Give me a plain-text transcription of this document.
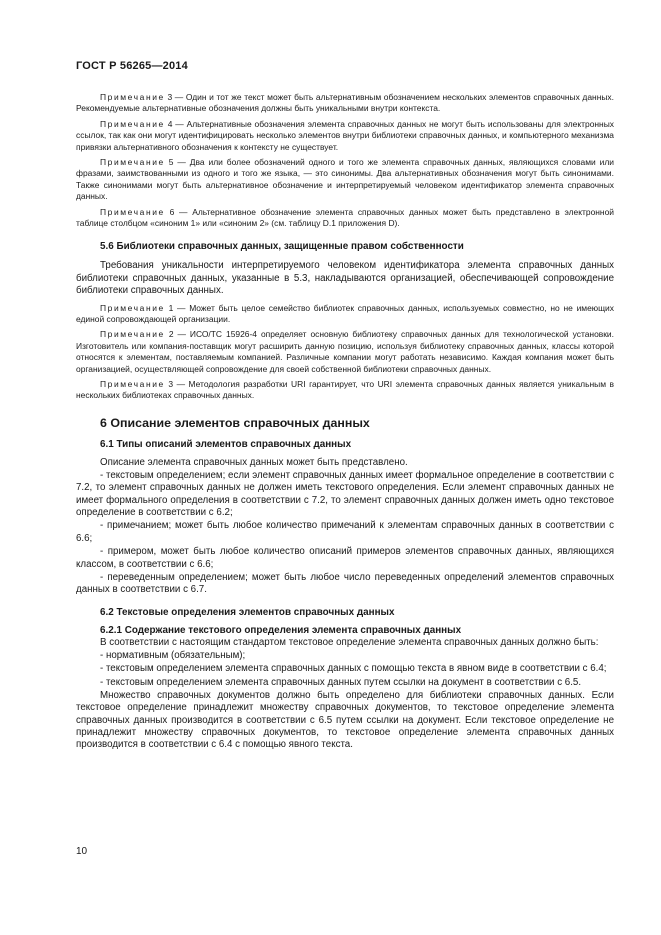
ГОСТ Р 56265—2014

Примечание 3 — Один и тот же текст может быть альтернативным обозначением нескольких элементов справочных данных. Рекомендуемые альтернативные обозначения должны быть уникальными внутри контекста.

Примечание 4 — Альтернативные обозначения элемента справочных данных не могут быть использованы для электронных ссылок, так как они могут идентифицировать несколько элементов внутри библиотеки справочных данных, и компьютерного механизма привязки альтернативного обозначения к контексту не существует.

Примечание 5 — Два или более обозначений одного и того же элемента справочных данных, являющихся словами или фразами, заимствованными из одного и того же языка, — это синонимы. Два альтернативных обозначения могут быть синонимами. Также синонимами могут быть альтернативное обозначение и интерпретируемый человеком идентификатор элемента справочных данных.

Примечание 6 — Альтернативное обозначение элемента справочных данных может быть представлено в электронной таблице столбцом «синоним 1» или «синоним 2» (см. таблицу D.1 приложения D).

5.6 Библиотеки справочных данных, защищенные правом собственности

Требования уникальности интерпретируемого человеком идентификатора элемента справочных данных библиотеки справочных данных, указанные в 5.3, накладываются организацией, обеспечивающей сопровождение библиотеки справочных данных.

Примечание 1 — Может быть целое семейство библиотек справочных данных, используемых совместно, но не имеющих единой сопровождающей организации.

Примечание 2 — ИСО/ТС 15926-4 определяет основную библиотеку справочных данных для технологической установки. Изготовитель или компания-поставщик могут расширить данную позицию, используя библиотеку справочных данных, классы которой относятся к элементам, поставляемым компанией. Различные компании могут работать независимо. Каждая компания может быть организацией, осуществляющей сопровождение для своей собственной библиотеки справочных данных.

Примечание 3 — Методология разработки URI гарантирует, что URI элемента справочных данных является уникальным в нескольких библиотеках справочных данных.

6 Описание элементов справочных данных
6.1 Типы описаний элементов справочных данных

Описание элемента справочных данных может быть представлено.

- текстовым определением; если элемент справочных данных имеет формальное определение в соответствии с 7.2, то элемент справочных данных не должен иметь текстового определения. Если элемент справочных данных не имеет формального определения в соответствии с 7.2, то элемент справочных данных должен иметь одно текстовое определение в соответствии с 6.2;

- примечанием; может быть любое количество примечаний к элементам справочных данных в соответствии с 6.6;

- примером, может быть любое количество описаний примеров элементов справочных данных, являющихся классом, в соответствии с 6.6;

- переведенным определением; может быть любое число переведенных определений элементов справочных данных в соответствии с 6.7.

6.2 Текстовые определения элементов справочных данных
6.2.1 Содержание текстового определения элемента справочных данных

В соответствии с настоящим стандартом текстовое определение элемента справочных данных должно быть:

- нормативным (обязательным);

- текстовым определением элемента справочных данных с помощью текста в явном виде в соответствии с 6.4;

- текстовым определением элемента справочных данных путем ссылки на документ в соответствии с 6.5.

Множество справочных документов должно быть определено для библиотеки справочных данных. Если текстовое определение принадлежит множеству справочных документов, то текстовое определение элемента справочных данных производится в соответствии с 6.5 путем ссылки на документ. Если текстовое определение не принадлежит множеству справочных документов, то текстовое определение элемента справочных данных производится в соответствии с 6.4 с помощью явного текста.

10
